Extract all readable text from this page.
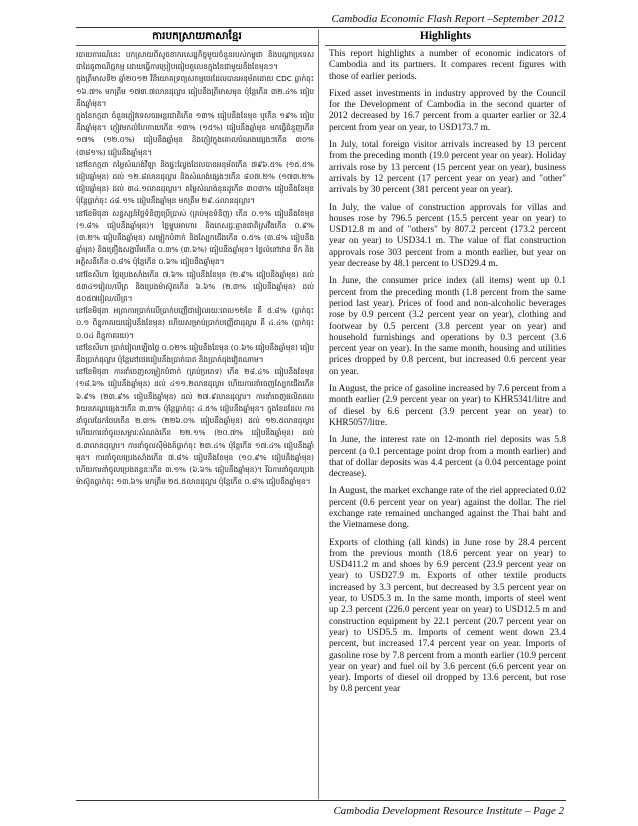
Cambodia Economic Flash Report –September 2012
ការបកស្រាយភាសាខ្មែរ

របាយការណ៍នេះ បកស្រាយពីសូចនាករសេដ្ឋកិច្ចមួយចំនួនរបស់កម្ពុជា និងបណ្តាប្រទេសជាដៃគូពាណិជ្ជកម្ម ដោយធ្វើការប្រៀបធៀបតួលេខក្នុងខែជាមួយនឹងខែមុនៗ។

ក្នុងត្រីមាសទី២ ឆ្នាំ២០១២ វិនិយោគទ្រព្យសកម្មថេរដែលបានអនុម័តដោយ CDC ធ្លាក់ចុះ ១៦.៧% មកត្រឹម ១៧៣.៧លានដុល្លារ ធៀបនឹងត្រីមាសមុន ប៉ុន្តែកើន ៣២.៤% ធៀបនឹងឆ្នាំមុន។

ក្នុងខែកក្កដា ចំនួនភ្ញៀវទេសចរអន្តរជាតិកើន ១៣% ធៀបនឹងខែមុន ឬកើន ១៩% ធៀបនឹងឆ្នាំមុន។ ភ្ញៀវមកលំហែកាយកើន ១៣% (១៥%) ធៀបនឹងឆ្នាំមុន មកធ្វើជំនួញកើន ១៧% (១២.០%) ធៀបនឹងឆ្នាំមុន និងភ្ញៀវក្នុងគោលបំណងផ្សេងៗកើន ៣០% (៣៨១%) ធៀបនឹងឆ្នាំមុន។

នៅខែកក្កដា តម្លៃសំណង់វីឡា និងផ្ទះល្វែងដែលបានអនុម័តកើន ៧៩៦.៥% (១៥.៥% ធៀបឆ្នាំមុន) ដល់ ១២.៨លានដុល្លារ និងសំណង់ផ្សេងៗកើន ៨០៧.២% (១៧៣.២% ធៀបឆ្នាំមុន) ដល់ ៣៤.១លានដុល្លារ។ តម្លៃសំណង់ខុនដូកើន ៣០៣% ធៀបនឹងខែមុន ប៉ុន្តែធ្លាក់ចុះ ៤៨.១% ធៀបនឹងឆ្នាំមុន មកត្រឹម ២៩.៤លានដុល្លារ។

នៅខែមិថុនា សន្ទស្សន៍ថ្លៃទំនិញប្រើប្រាស់ (គ្រប់មុខទំនិញ) កើន ០.១% ធៀបនឹងខែមុន (១.៨% ធៀបនឹងឆ្នាំមុន)។ ថ្លៃម្ហូបអាហារ និងភេសជ្ជៈគ្មានជាតិស្រវឹងកើន ០.៩% (៣.២% ធៀបនឹងឆ្នាំមុន) សម្លៀកបំពាក់ និងស្បែកជើងកើន ០.៥% (៣.៨% ធៀបនឹងឆ្នាំមុន) និងគ្រឿងសង្ហារឹមកើន ០.៣% (៣.៦%) ធៀបនឹងឆ្នាំមុន។ ថ្លៃលំនៅឋាន ទឹក និងអគ្គិសនីកើន ០.៨% ប៉ុន្តែកើន ០.៦% ធៀបនឹងឆ្នាំមុន។

នៅខែសីហា ថ្លៃប្រេងសាំងកើន ៧.៦% ធៀបនឹងខែមុន (២.៩% ធៀបនឹងឆ្នាំមុន) ដល់ ៥៣៤១រៀល/លីត្រ និងប្រេងម៉ាស៊ូតកើន ៦.៦% (២.៣% ធៀបនឹងឆ្នាំមុន) ដល់ ៥០៥៧រៀល/លីត្រ។

នៅខែមិថុនា អត្រាការប្រាក់លើប្រាក់បញ្ញើជារៀលរយៈពេល១២ខែ គឺ ៥.៨% (ធ្លាក់ចុះ ០.១ ពិន្ទុភាគរយធៀបនឹងខែមុន) ហើយសម្រាប់ប្រាក់បញ្ញើជាដុល្លារ គឺ ៤.៤% (ធ្លាក់ចុះ ០.០៤ ពិន្ទុភាគរយ)។

នៅខែសីហា ប្រាក់រៀលឡើងថ្លៃ ០.០២% ធៀបនឹងខែមុន (០.៦% ធៀបនឹងឆ្នាំមុន) ធៀបនឹងប្រាក់ដុល្លារ ប៉ុន្តែនៅថេរធៀបនឹងប្រាក់បាត និងប្រាក់ដុងវៀតណាម។

នៅខែមិថុនា ការនាំចេញសម្លៀកបំពាក់ (គ្រប់ប្រភេទ) កើន ២៨.៤% ធៀបនឹងខែមុន (១៨.៦% ធៀបនឹងឆ្នាំមុន) ដល់ ៤១១.២លានដុល្លារ ហើយការនាំចេញស្បែកជើងកើន ៦.៩% (២៣.៩% ធៀបនឹងឆ្នាំមុន) ដល់ ២៧.៩លានដុល្លារ។ ការនាំចេញផលិតផលវាយនភណ្ឌផ្សេងៗកើន ៣.៣% ប៉ុន្តែធ្លាក់ចុះ ៤.៥% ធៀបនឹងឆ្នាំមុន។ ក្នុងខែដដែល ការនាំចូលដែកថែបកើន ២.៣% (២២៦.០% ធៀបនឹងឆ្នាំមុន) ដល់ ១២.៥លានដុល្លារ ហើយការនាំចូលសម្ភារៈសំណង់កើន ២២.១% (២០.៧% ធៀបនឹងឆ្នាំមុន) ដល់ ៥.៣លានដុល្លារ។ ការនាំចូលស៊ីម៉ងត៍ធ្លាក់ចុះ ២៣.៤% ប៉ុន្តែកើន ១៧.៤% ធៀបនឹងឆ្នាំមុន។ ការនាំចូលប្រេងសាំងកើន ៧.៨% ធៀបនឹងខែមុន (១០.៩% ធៀបនឹងឆ្នាំមុន) ហើយការនាំចូលប្រេងឥន្ធនៈកើន ៣.១% (៦.៦% ធៀបនឹងឆ្នាំមុន)។ រីឯការនាំចូលប្រេងម៉ាស៊ូតធ្លាក់ចុះ ១៣.៦% មកត្រឹម ២៥.៥លានដុល្លារ ប៉ុន្តែកើន ០.៨% ធៀបនឹងឆ្នាំមុន។

Highlights

This report highlights a number of economic indicators of Cambodia and its partners. It compares recent figures with those of earlier periods.

Fixed asset investments in industry approved by the Council for the Development of Cambodia in the second quarter of 2012 decreased by 16.7 percent from a quarter earlier or 32.4 percent from year on year, to USD173.7 m.

In July, total foreign visitor arrivals increased by 13 percent from the preceding month (19.0 percent year on year). Holiday arrivals rose by 13 percent (15 percent year on year), business arrivals by 12 percent (17 percent year on year) and "other" arrivals by 30 percent (381 percent year on year).

In July, the value of construction approvals for villas and houses rose by 796.5 percent (15.5 percent year on year) to USD12.8 m and of "others" by 807.2 percent (173.2 percent year on year) to USD34.1 m. The value of flat construction approvals rose 303 percent from a month earlier, but year on year decrease by 48.1 percent to USD29.4 m.

In June, the consumer price index (all items) went up 0.1 percent from the preceding month (1.8 percent from the same period last year). Prices of food and non-alcoholic beverages rose by 0.9 percent (3.2 percent year on year), clothing and footwear by 0.5 percent (3.8 percent year on year) and household furnishings and operations by 0.3 percent (3.6 percent year on year). In the same month, housing and utilities prices dropped by 0.8 percent, but increased 0.6 percent year on year.

In August, the price of gasoline increased by 7.6 percent from a month earlier (2.9 percent year on year) to KHR5341/litre and of diesel by 6.6 percent (3.9 percent year on year) to KHR5057/litre.

In June, the interest rate on 12-month riel deposits was 5.8 percent (a 0.1 percentage point drop from a month earlier) and that of dollar deposits was 4.4 percent (a 0.04 percentage point decrease).

In August, the market exchange rate of the riel appreciated 0.02 percent (0.6 percent year on year) against the dollar. The riel exchange rate remained unchanged against the Thai baht and the Vietnamese dong.

Exports of clothing (all kinds) in June rose by 28.4 percent from the previous month (18.6 percent year on year) to USD411.2 m and shoes by 6.9 percent (23.9 percent year on year) to USD27.9 m. Exports of other textile products increased by 3.3 percent, but decreased by 3.5 percent year on year, to USD5.3 m. In the same month, imports of steel went up 2.3 percent (226.0 percent year on year) to USD12.5 m and construction equipment by 22.1 percent (20.7 percent year on year) to USD5.5 m. Imports of cement went down 23.4 percent, but increased 17.4 percent year on year. Imports of gasoline rose by 7.8 percent from a month earlier (10.9 percent year on year) and fuel oil by 3.6 percent (6.6 percent year on year). Imports of diesel oil dropped by 13.6 percent, but rose by 0.8 percent year

Cambodia Development Resource Institute – Page 2
